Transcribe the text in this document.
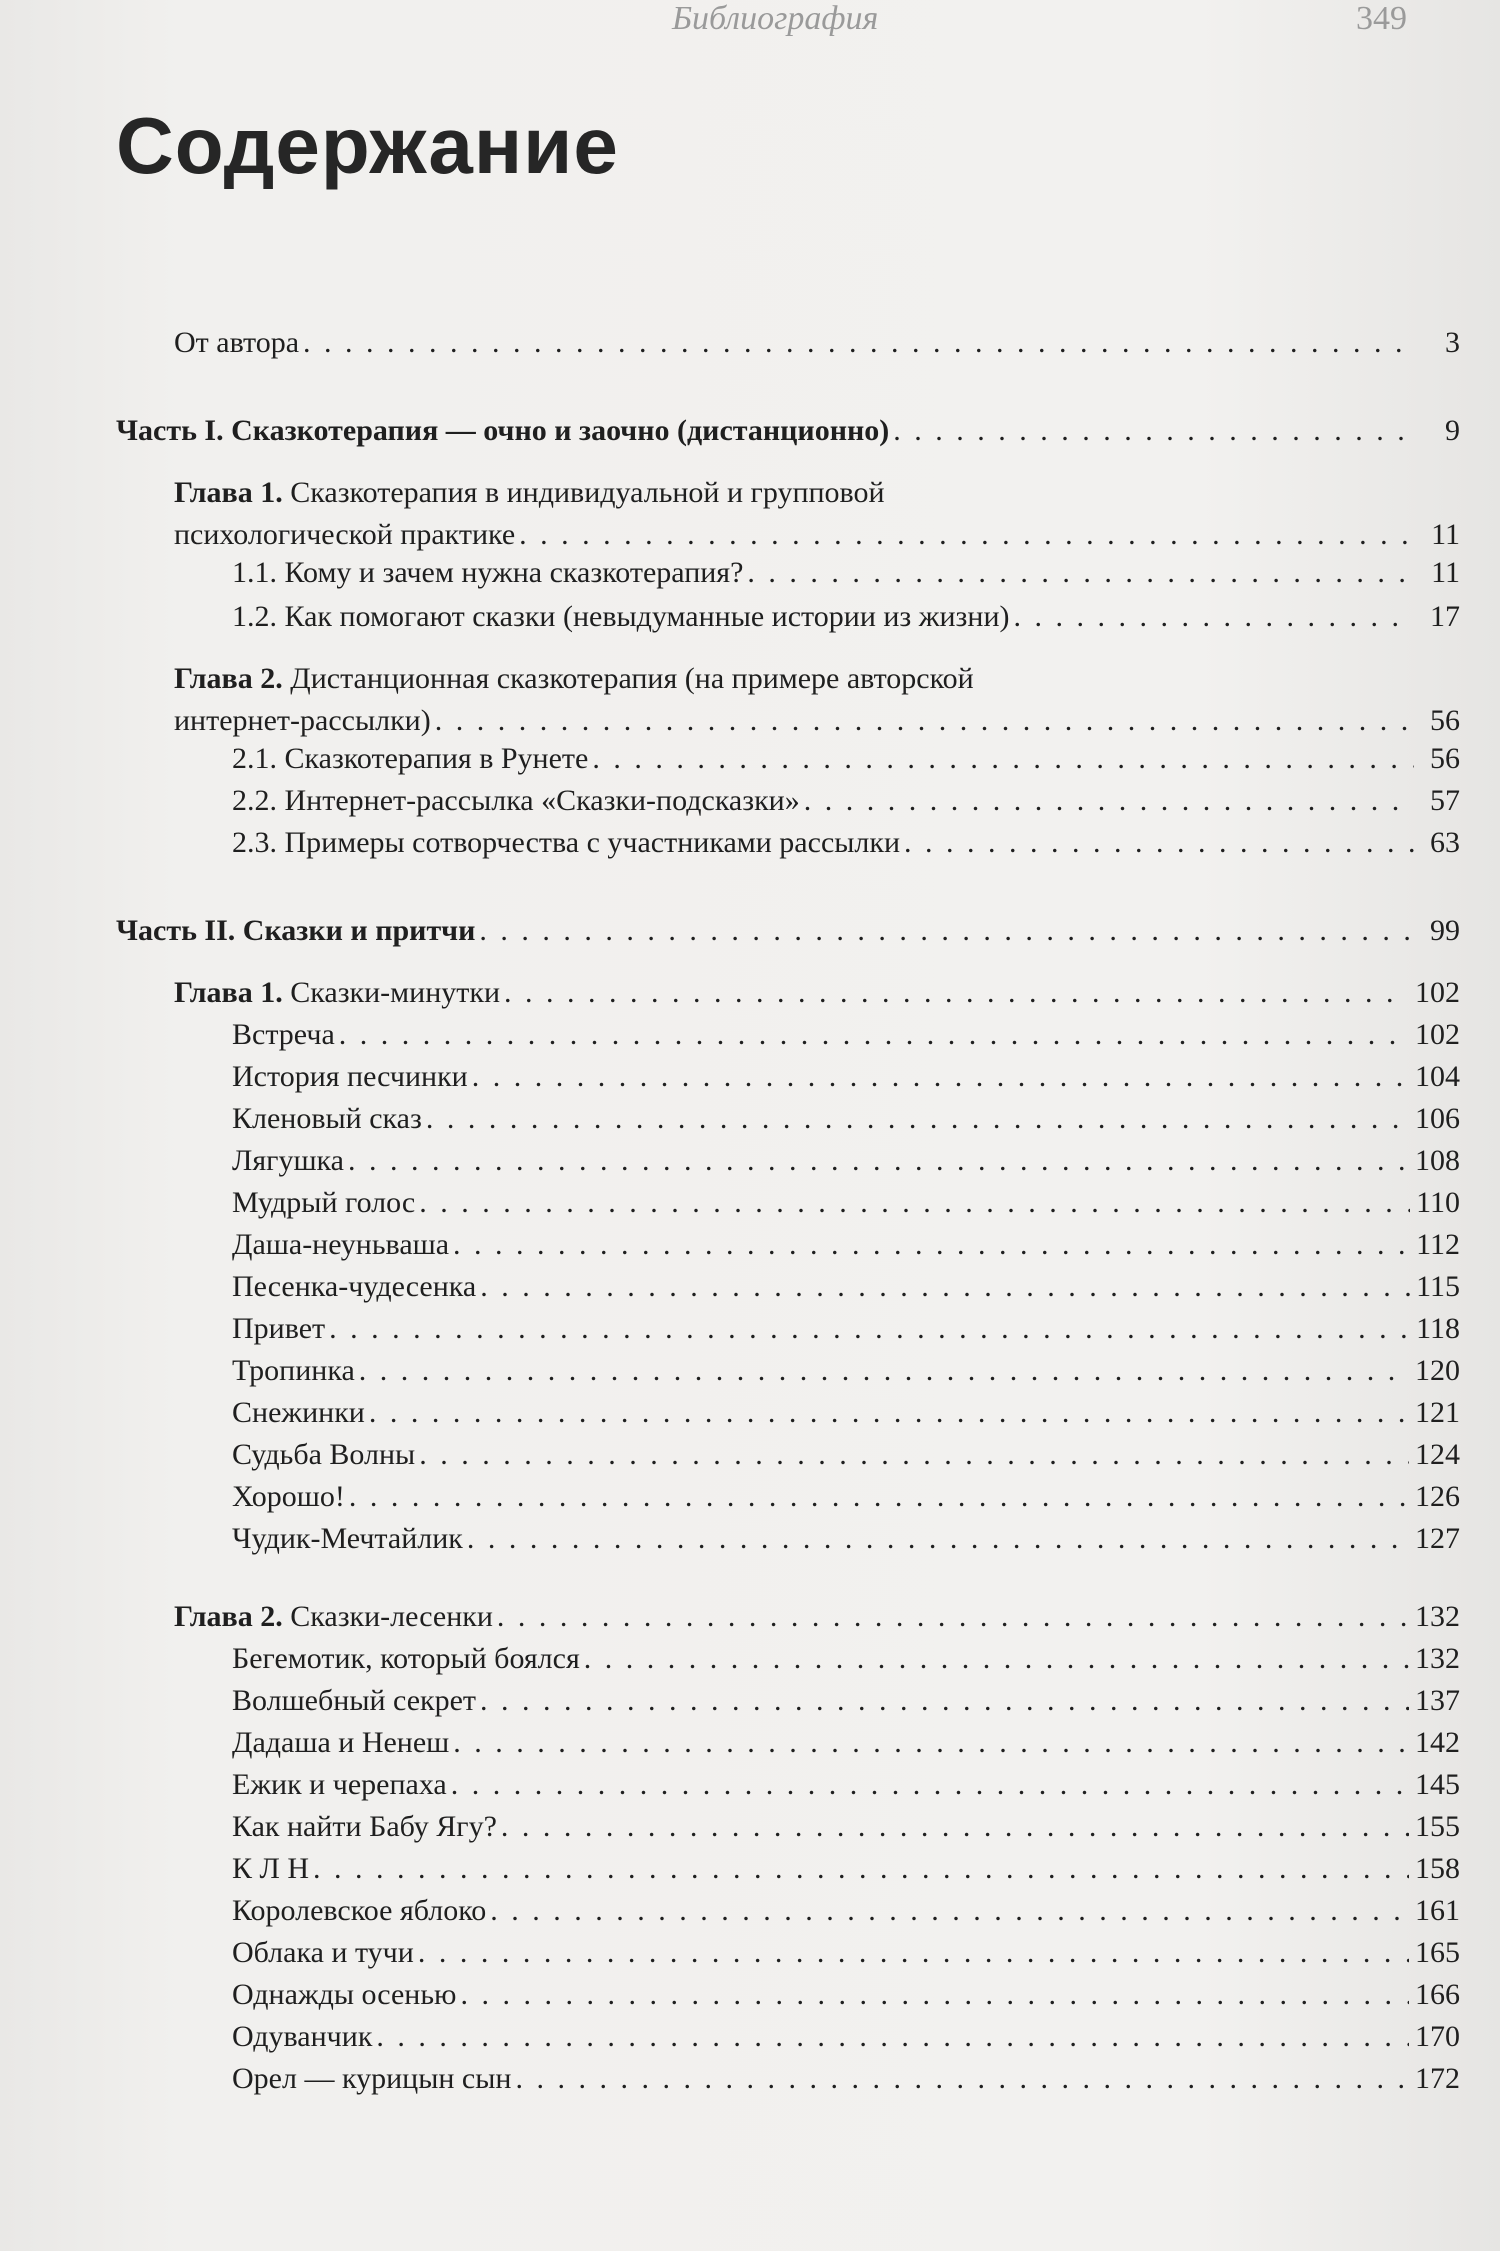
Библиография	349
Содержание
От автора . . .	3
Часть I. Сказкотерапия — очно и заочно (дистанционно) . . .	9
Глава 1. Сказкотерапия в индивидуальной и групповой
психологической практике . . .	11
1.1. Кому и зачем нужна сказкотерапия? . . .	11
1.2. Как помогают сказки (невыдуманные истории из жизни) . . .	17
Глава 2. Дистанционная сказкотерапия (на примере авторской
интернет-рассылки) . . .	56
2.1. Сказкотерапия в Рунете . . .	56
2.2. Интернет-рассылка «Сказки-подсказки» . . .	57
2.3. Примеры сотворчества с участниками рассылки . . .	63
Часть II. Сказки и притчи . . .	99
Глава 1. Сказки-минутки . . .	102
Встреча . . .	102
История песчинки . . .	104
Кленовый сказ . . .	106
Лягушка . . .	108
Мудрый голос . . .	110
Даша-неуньваша . . .	112
Песенка-чудесенка . . .	115
Привет . . .	118
Тропинка . . .	120
Снежинки . . .	121
Судьба Волны . . .	124
Хорошо! . . .	126
Чудик-Мечтайлик . . .	127
Глава 2. Сказки-лесенки . . .	132
Бегемотик, который боялся . . .	132
Волшебный секрет . . .	137
Дадаша и Ненеш . . .	142
Ежик и черепаха . . .	145
Как найти Бабу Ягу? . . .	155
К Л Н . . .	158
Королевское яблоко . . .	161
Облака и тучи . . .	165
Однажды осенью . . .	166
Одуванчик . . .	170
Орел — курицын сын . . .	172
